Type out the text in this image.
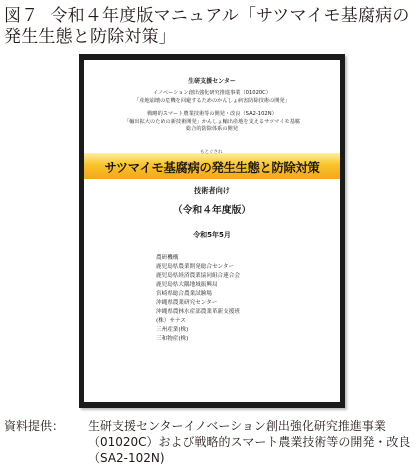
図７ 令和４年度版マニュアル「サツマイモ基腐病の発生生態と防除対策」
生研支援センター
イノベーション創出強化研究推進事業（01020C）
「産地崩壊の危機を回避するためのかんしょ病害防除技術の開発」
戦略的スマート農業技術等の開発・改良（SA2-102N）
「輸出拡大のための新技術開発」かんしょ輸出産地を支えるサツマイモ基腐
総合的防除体系の開発
もとぐされ
サツマイモ基腐病の発生生態と防除対策
技術者向け
（令和４年度版）
令和5年5月
農研機構
鹿児島県農業開発総合センター
鹿児島県経済農業協同組合連合会
鹿児島県大隅地域振興局
宮崎県総合農業試験場
沖縄県農業研究センター
沖縄県農林水産部農業革新支援班
(株）サナス
三州産業(株)
三和物産(株)
資料提供： 生研支援センターイノベーション創出強化研究推進事業（01020C）および戦略的スマート農業技術等の開発・改良（SA2-102N)
